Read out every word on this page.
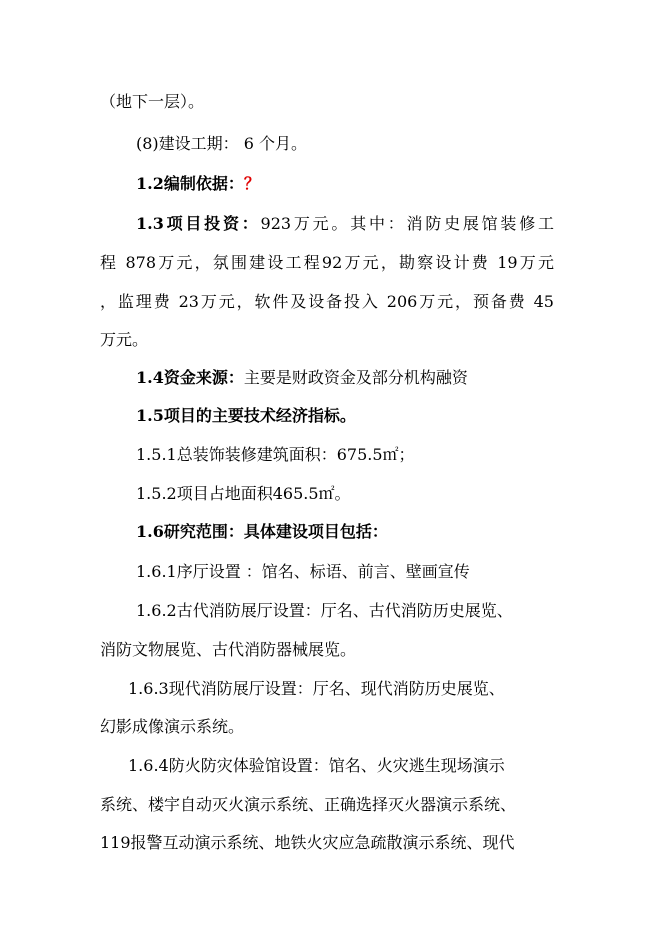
（地下一层）。
(8)建设工期： 6 个月。
1.2编制依据：？
1.3项目投资：923万元。其中：消防史展馆装修工
程 878万元，氛围建设工程92万元，勘察设计费 19万元
，监理费 23万元，软件及设备投入 206万元，预备费 45
万元。
1.4资金来源：主要是财政资金及部分机构融资
1.5项目的主要技术经济指标。
1.5.1总装饰装修建筑面积：675.5㎡；
1.5.2项目占地面积465.5㎡。
1.6研究范围：具体建设项目包括：
1.6.1序厅设置 ：馆名、标语、前言、壁画宣传
1.6.2古代消防展厅设置：厅名、古代消防历史展览、
消防文物展览、古代消防器械展览。
1.6.3现代消防展厅设置：厅名、现代消防历史展览、
幻影成像演示系统。
1.6.4防火防灾体验馆设置：馆名、火灾逃生现场演示
系统、楼宇自动灭火演示系统、正确选择灭火器演示系统、
119报警互动演示系统、地铁火灾应急疏散演示系统、现代
